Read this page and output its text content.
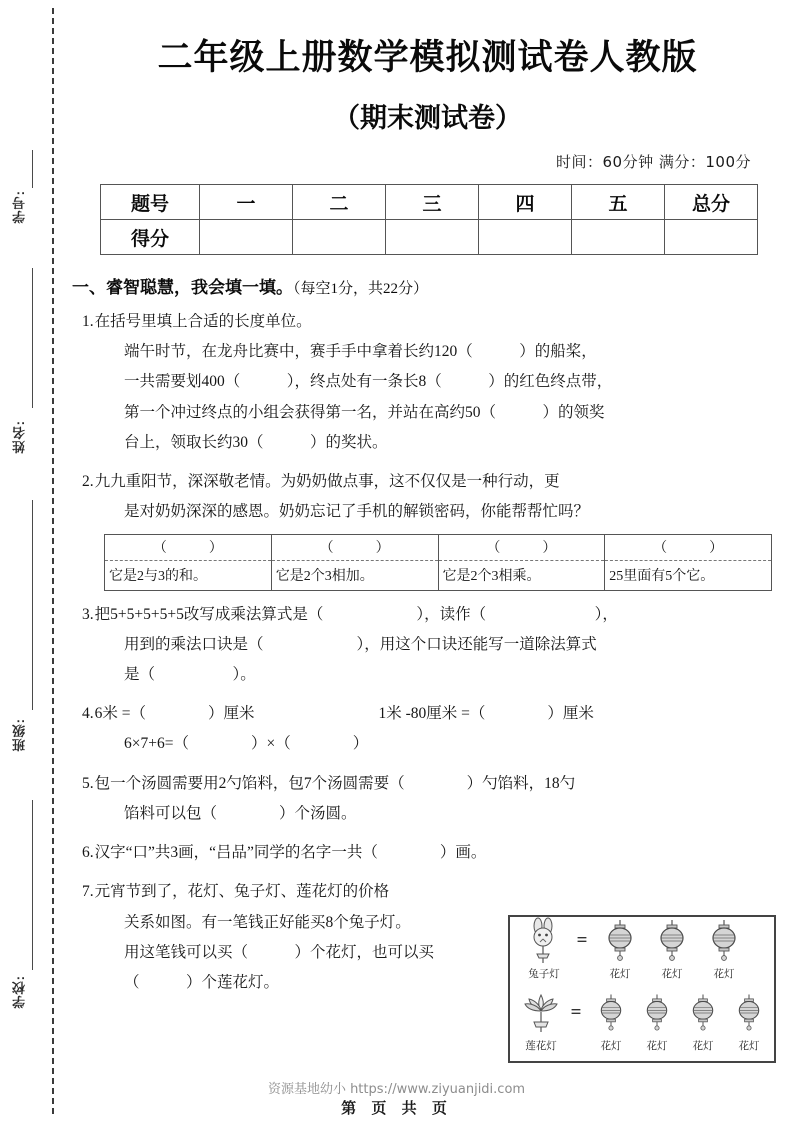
学号:
姓名:
班级:
学校:
二年级上册数学模拟测试卷人教版
（期末测试卷）
时间：60分钟 满分：100分
题号	一	二	三	四	五	总分
得分						
一、睿智聪慧，我会填一填。（每空1分，共22分）
1.在括号里填上合适的长度单位。
端午时节，在龙舟比赛中，赛手手中拿着长约120（　　　）的船桨，
一共需要划400（　　　），终点处有一条长8（　　　）的红色终点带，
第一个冲过终点的小组会获得第一名，并站在高约50（　　　）的领奖
台上，领取长约30（　　　）的奖状。
2.九九重阳节，深深敬老情。为奶奶做点事，这不仅仅是一种行动，更
是对奶奶深深的感恩。奶奶忘记了手机的解锁密码，你能帮帮忙吗？
（　　　）	（　　　）	（　　　）	（　　　）
它是2与3的和。	它是2个3相加。	它是2个3相乘。	25里面有5个它。
3.把5+5+5+5+5改写成乘法算式是（　　　　　　），读作（　　　　　　　），
用到的乘法口诀是（　　　　　　），用这个口诀还能写一道除法算式
是（　　　　　）。
4.6米 =（　　　　）厘米　　　　　　　　1米 -80厘米 =（　　　　）厘米
6×7+6=（　　　　）×（　　　　）
5.包一个汤圆需要用2勺馅料，包7个汤圆需要（　　　　）勺馅料，18勺
馅料可以包（　　　　）个汤圆。
6.汉字“口”共3画，“吕品”同学的名字一共（　　　　）画。
7.元宵节到了，花灯、兔子灯、莲花灯的价格
关系如图。有一笔钱正好能买8个兔子灯。
用这笔钱可以买（　　　）个花灯，也可以买
（　　　）个莲花灯。	兔子灯
=
花灯	花灯	花灯
莲花灯
=
花灯 花灯 花灯 花灯
资源基地幼小 https://www.ziyuanjidi.com
第 页 共 页
